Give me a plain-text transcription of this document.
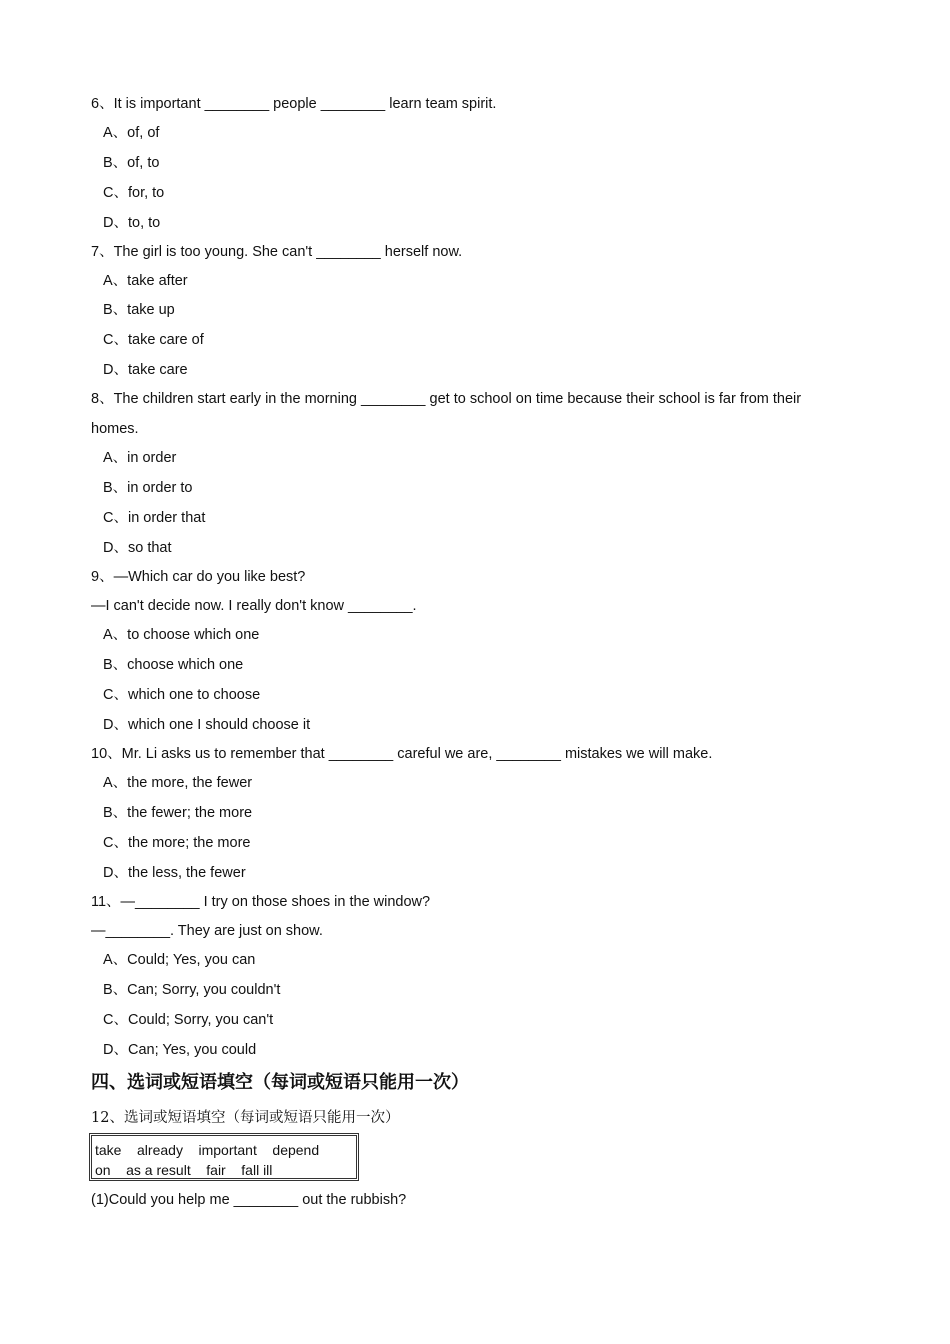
6、It is important ________ people ________ learn team spirit.
A、of, of
B、of, to
C、for, to
D、to, to
7、The girl is too young. She can't ________ herself now.
A、take after
B、take up
C、take care of
D、take care
8、The children start early in the morning ________ get to school on time because their school is far from their
homes.
A、in order
B、in order to
C、in order that
D、so that
9、—Which car do you like best?
—I can't decide now. I really don't know ________.
A、to choose which one
B、choose which one
C、which one to choose
D、which one I should choose it
10、Mr. Li asks us to remember that ________ careful we are, ________ mistakes we will make.
A、the more, the fewer
B、the fewer; the more
C、the more; the more
D、the less, the fewer
11、—________ I try on those shoes in the window?
—________. They are just on show.
A、Could; Yes, you can
B、Can; Sorry, you couldn't
C、Could; Sorry, you can't
D、Can; Yes, you could
四、选词或短语填空（每词或短语只能用一次）
12、选词或短语填空（每词或短语只能用一次）
take    already    important    depend
on    as a result    fair    fall ill
(1)Could you help me ________ out the rubbish?
